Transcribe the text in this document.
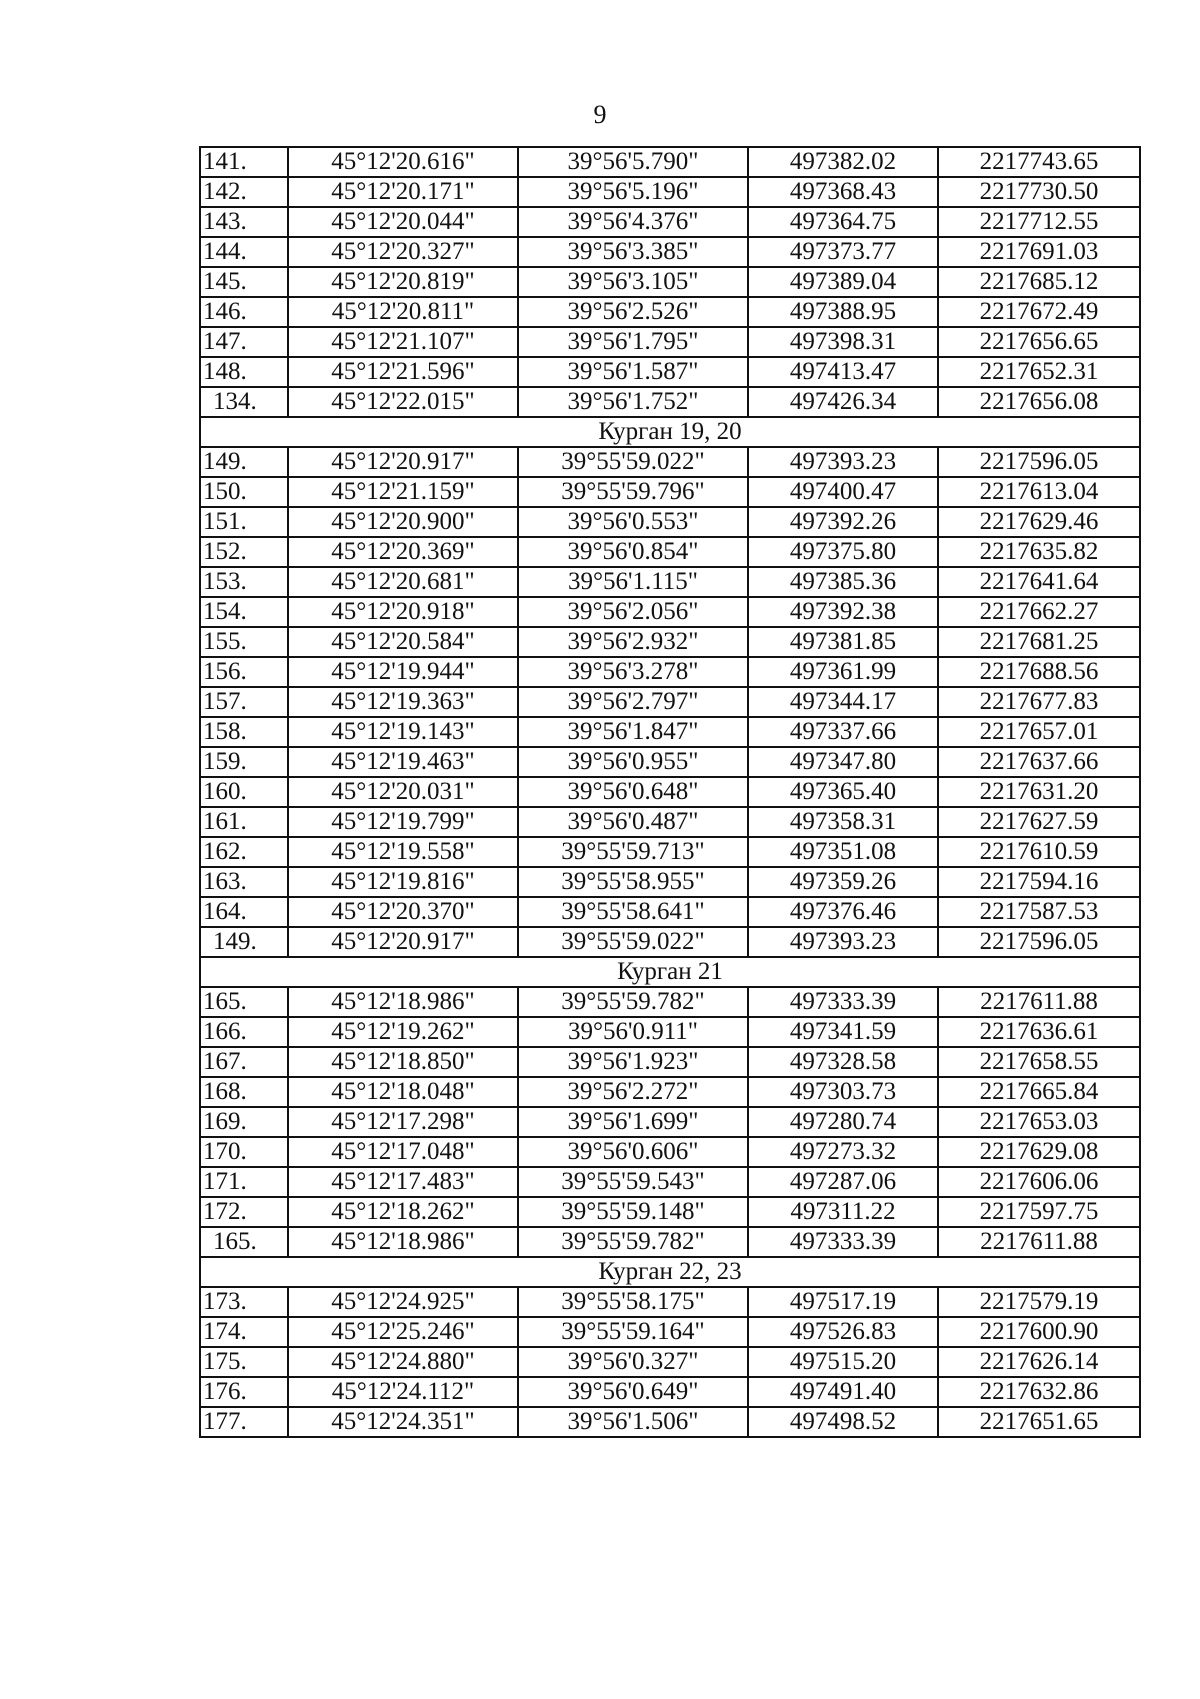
9
141.	45°12'20.616"	39°56'5.790"	497382.02	2217743.65
142.	45°12'20.171"	39°56'5.196"	497368.43	2217730.50
143.	45°12'20.044"	39°56'4.376"	497364.75	2217712.55
144.	45°12'20.327"	39°56'3.385"	497373.77	2217691.03
145.	45°12'20.819"	39°56'3.105"	497389.04	2217685.12
146.	45°12'20.811"	39°56'2.526"	497388.95	2217672.49
147.	45°12'21.107"	39°56'1.795"	497398.31	2217656.65
148.	45°12'21.596"	39°56'1.587"	497413.47	2217652.31
134.	45°12'22.015"	39°56'1.752"	497426.34	2217656.08
Курган 19, 20				
149.	45°12'20.917"	39°55'59.022"	497393.23	2217596.05
150.	45°12'21.159"	39°55'59.796"	497400.47	2217613.04
151.	45°12'20.900"	39°56'0.553"	497392.26	2217629.46
152.	45°12'20.369"	39°56'0.854"	497375.80	2217635.82
153.	45°12'20.681"	39°56'1.115"	497385.36	2217641.64
154.	45°12'20.918"	39°56'2.056"	497392.38	2217662.27
155.	45°12'20.584"	39°56'2.932"	497381.85	2217681.25
156.	45°12'19.944"	39°56'3.278"	497361.99	2217688.56
157.	45°12'19.363"	39°56'2.797"	497344.17	2217677.83
158.	45°12'19.143"	39°56'1.847"	497337.66	2217657.01
159.	45°12'19.463"	39°56'0.955"	497347.80	2217637.66
160.	45°12'20.031"	39°56'0.648"	497365.40	2217631.20
161.	45°12'19.799"	39°56'0.487"	497358.31	2217627.59
162.	45°12'19.558"	39°55'59.713"	497351.08	2217610.59
163.	45°12'19.816"	39°55'58.955"	497359.26	2217594.16
164.	45°12'20.370"	39°55'58.641"	497376.46	2217587.53
149.	45°12'20.917"	39°55'59.022"	497393.23	2217596.05
Курган 21				
165.	45°12'18.986"	39°55'59.782"	497333.39	2217611.88
166.	45°12'19.262"	39°56'0.911"	497341.59	2217636.61
167.	45°12'18.850"	39°56'1.923"	497328.58	2217658.55
168.	45°12'18.048"	39°56'2.272"	497303.73	2217665.84
169.	45°12'17.298"	39°56'1.699"	497280.74	2217653.03
170.	45°12'17.048"	39°56'0.606"	497273.32	2217629.08
171.	45°12'17.483"	39°55'59.543"	497287.06	2217606.06
172.	45°12'18.262"	39°55'59.148"	497311.22	2217597.75
165.	45°12'18.986"	39°55'59.782"	497333.39	2217611.88
Курган 22, 23				
173.	45°12'24.925"	39°55'58.175"	497517.19	2217579.19
174.	45°12'25.246"	39°55'59.164"	497526.83	2217600.90
175.	45°12'24.880"	39°56'0.327"	497515.20	2217626.14
176.	45°12'24.112"	39°56'0.649"	497491.40	2217632.86
177.	45°12'24.351"	39°56'1.506"	497498.52	2217651.65
